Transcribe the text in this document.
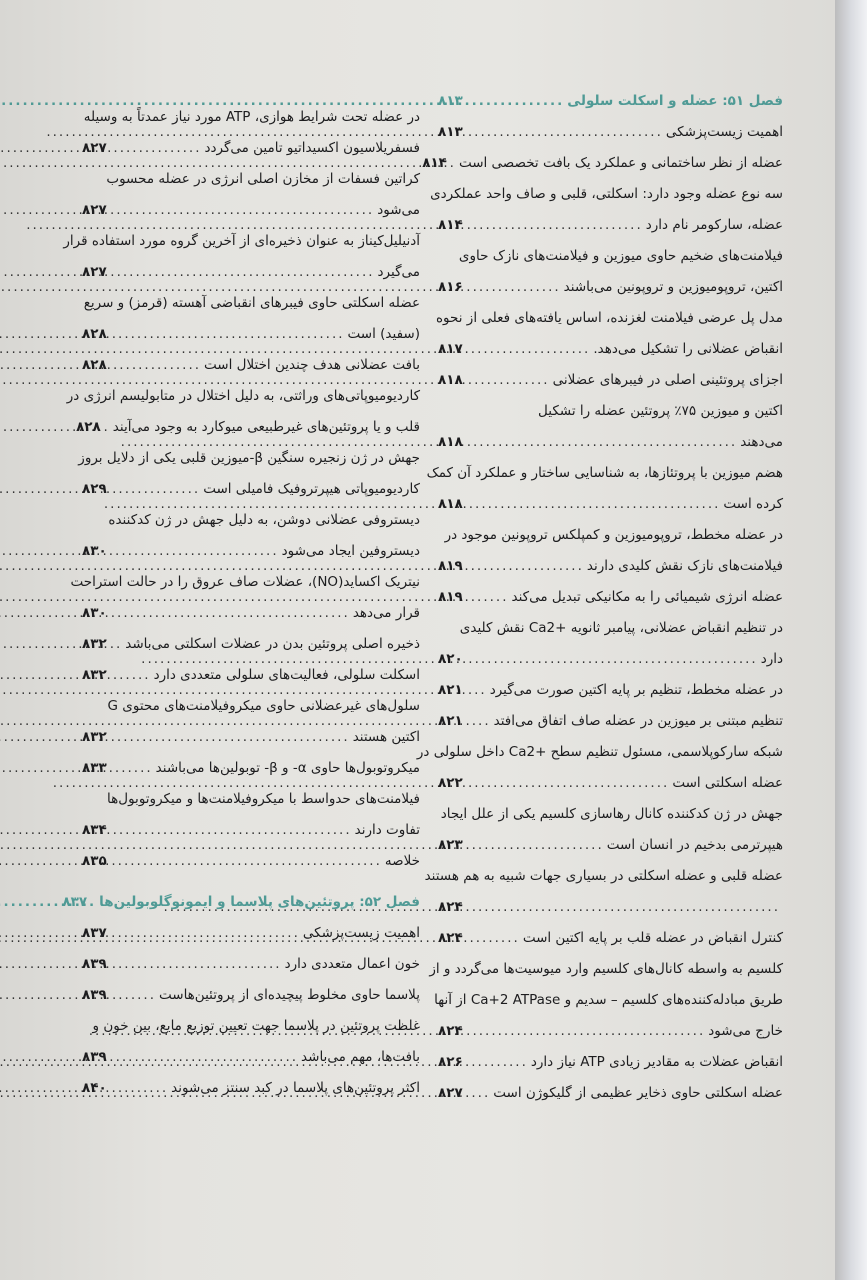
فصل ۵۱: عضله و اسکلت سلولی
.....
۸۱۳
اهمیت زیست‌پزشکی
.....
۸۱۳
عضله از نظر ساختمانی و عملکرد یک بافت تخصصی است
.....
۸۱۴
سه نوع عضله وجود دارد: اسکلتی، قلبی و صاف واحد عملکردی
عضله، سارکومر نام دارد
.....
۸۱۴
فیلامنت‌های ضخیم حاوی میوزین و فیلامنت‌های نازک حاوی
اکتین، تروپومیوزین و تروپونین می‌باشند
.....
۸۱۶
مدل پل عرضی فیلامنت لغزنده، اساس یافته‌های فعلی از نحوه
انقباض عضلانی را تشکیل می‌دهد.
.....
۸۱۷
اجزای پروتئینی اصلی در فیبرهای عضلانی
.....
۸۱۸
اکتین و میوزین ۷۵٪ پروتئین عضله را تشکیل
می‌دهند
.....
۸۱۸
هضم میوزین با پروتئازها، به شناسایی ساختار و عملکرد آن کمک
کرده است
.....
۸۱۸
در عضله مخطط، تروپومیوزین و کمپلکس تروپونین موجود در
فیلامنت‌های نازک نقش کلیدی دارند
.....
۸۱۹
عضله انرژی شیمیائی را به مکانیکی تبدیل می‌کند
.....
۸۱۹
در تنظیم انقباض عضلانی، پیامبر ثانویه +Ca2 نقش کلیدی
دارد
.....
۸۲۰
در عضله مخطط، تنظیم بر پایه اکتین صورت می‌گیرد
.....
۸۲۱
تنظیم مبتنی بر میوزین در عضله صاف اتفاق می‌افتد
.....
۸۲۱
شبکه سارکوپلاسمی، مسئول تنظیم سطح +Ca2 داخل سلولی در
عضله اسکلتی است
.....
۸۲۲
جهش در ژن کدکننده کانال رهاسازی کلسیم یکی از علل ایجاد
هیپرترمی بدخیم در انسان است
.....
۸۲۳
عضله قلبی و عضله اسکلتی در بسیاری جهات شبیه به هم هستند
.....
۸۲۴
کنترل انقباض در عضله قلب بر پایه اکتین است
.....
۸۲۴
کلسیم به واسطه کانال‌های کلسیم وارد میوسیت‌ها می‌گردد و از
طریق مبادله‌کننده‌های کلسیم – سدیم و Ca+2 ATPase از آنها
خارج می‌شود
.....
۸۲۴
انقباض عضلات به مقادیر زیادی ATP نیاز دارد
.....
۸۲۶
عضله اسکلتی حاوی ذخایر عظیمی از گلیکوژن است
.....
۸۲۷
در عضله تحت شرایط هوازی، ATP مورد نیاز عمدتاً به وسیله
فسفریلاسیون اکسیداتیو تامین می‌گردد
.....
۸۲۷
کراتین فسفات از مخازن اصلی انرژی در عضله محسوب
می‌شود
.....
۸۲۷
آدنیلیل‌کیناز به عنوان ذخیره‌ای از آخرین گروه مورد استفاده قرار
می‌گیرد
.....
۸۲۷
عضله اسکلتی حاوی فیبرهای انقباضی آهسته (قرمز) و سریع
(سفید) است
.....
۸۲۸
بافت عضلانی هدف چندین اختلال است
.....
۸۲۸
کاردیومیوپاتی‌های وراثتی، به دلیل اختلال در متابولیسم انرژی در
قلب و یا پروتئین‌های غیرطبیعی میوکارد به وجود می‌آیند
.....
۸۲۸
جهش در ژن زنجیره سنگین β-میوزین قلبی یکی از دلایل بروز
کاردیومیوپاتی هیپرتروفیک فامیلی است
.....
۸۲۹
دیستروفی عضلانی دوشن، به دلیل جهش در ژن کدکننده
دیستروفین ایجاد می‌شود
.....
۸۳۰
نیتریک اکساید(NO)، عضلات صاف عروق را در حالت استراحت
قرار می‌دهد
.....
۸۳۰
ذخیره اصلی پروتئین بدن در عضلات اسکلتی می‌باشد
.....
۸۳۲
اسکلت سلولی، فعالیت‌های سلولی متعددی دارد
.....
۸۳۲
سلول‌های غیرعضلانی حاوی میکروفیلامنت‌های محتوی G
اکتین هستند
.....
۸۳۲
میکروتوبول‌ها حاوی α- و β- توبولین‌ها می‌باشند
.....
۸۳۳
فیلامنت‌های حدواسط با میکروفیلامنت‌ها و میکروتوبول‌ها
تفاوت دارند
.....
۸۳۴
خلاصه
.....
۸۳۵
فصل ۵۲: پروتئین‌های پلاسما و ایمونوگلوبولین‌ها
.....
۸۳۷
اهمیت زیست‌پزشکی
.....
۸۳۷
خون اعمال متعددی دارد
.....
۸۳۹
پلاسما حاوی مخلوط پیچیده‌ای از پروتئین‌هاست
.....
۸۳۹
غلظت پروتئین در پلاسما جهت تعیین توزیع مایع، بین خون و
بافت‌ها، مهم می‌باشد
.....
۸۳۹
اکثر پروتئین‌های پلاسما در کبد سنتز می‌شوند
.....
۸۴۰
